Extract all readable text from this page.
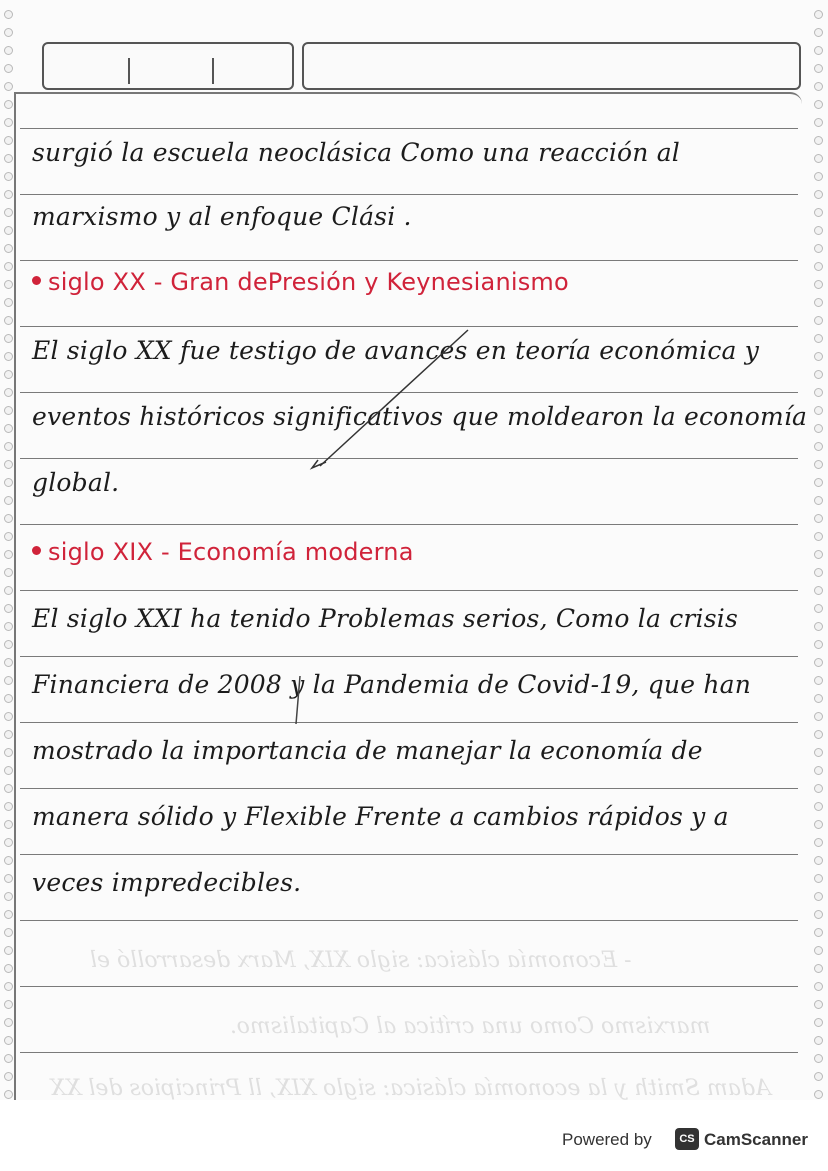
- Economía clásica: siglo XIX, Marx desarrolló el
marxismo Como una crítica al Capitalismo.
Adam Smith y la economía clásica: siglo XIX, ll Principios del XX
surgió la escuela neoclásica Como una reacción al
marxismo y al enfoque Clási .
siglo XX - Gran dePresión y Keynesianismo
El siglo XX fue testigo de avances en teoría económica y
eventos históricos significativos que moldearon la economía
global.
siglo XIX - Economía moderna
El siglo XXI ha tenido Problemas serios, Como la crisis
Financiera de 2008 y la Pandemia de Covid-19, que han
mostrado la importancia de manejar la economía de
manera sólido y Flexible Frente a cambios rápidos y a
veces impredecibles.
Powered by	CS CamScanner
